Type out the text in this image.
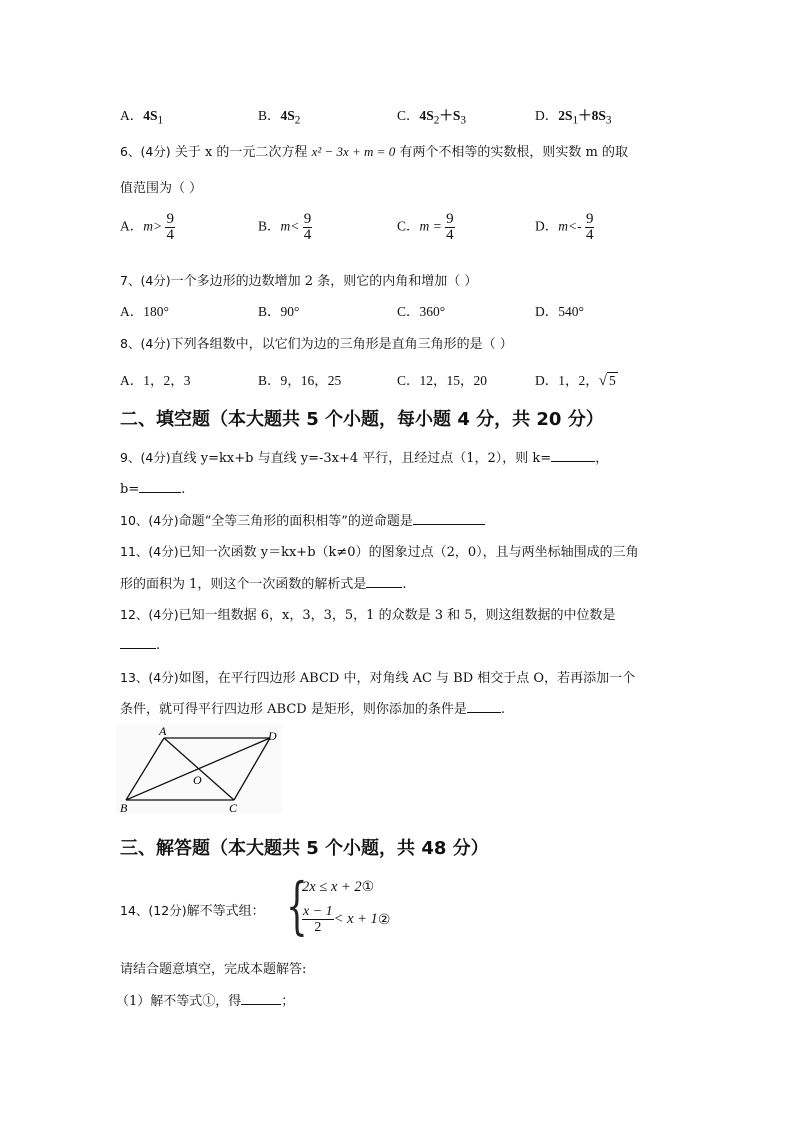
A．$4S_1$	B．$4S_2$	C．$4S_2+S_3$	D．$2S_1+8S_3$
6、(4分) 关于 x 的一元二次方程 x² − 3x + m = 0 有两个不相等的实数根，则实数 m 的取
值范围为（ ）
A．$m> \frac{9}{4}$	B．$m< \frac{9}{4}$	C．$m = \frac{9}{4}$	D．$m<- \frac{9}{4}$
7、(4分)一个多边形的边数增加 2 条，则它的内角和增加（ ）
A．180°	B．90°	C．360°	D．540°
8、(4分)下列各组数中，以它们为边的三角形是直角三角形的是（ ）
A．1，2，3	B．9，16，25	C．12，15，20	D．1，2，√ 5
二、填空题（本大题共 5 个小题，每小题 4 分，共 20 分）
9、(4分)直线 y=kx+b 与直线 y=-3x+4 平行，且经过点（1，2），则 k=	，
b=	.
10、(4分)命题“全等三角形的面积相等”的逆命题是
11、(4分)已知一次函数 y＝kx+b（k≠0）的图象过点（2，0），且与两坐标轴围成的三角
形的面积为 1，则这个一次函数的解析式是	.
12、(4分)已知一组数据 6，x，3，3，5，1 的众数是 3 和 5，则这组数据的中位数是
.
13、(4分)如图，在平行四边形 ABCD 中，对角线 AC 与 BD 相交于点 O，若再添加一个
条件，就可得平行四边形 ABCD 是矩形，则你添加的条件是	.
A	D
B	C
O
三、解答题（本大题共 5 个小题，共 48 分）
14、(12分)解不等式组： {
2x ≤ x + 2①
$\frac{x - 1}{2} < x + 1$ ②
请结合题意填空，完成本题解答:
（1）解不等式①，得	；
